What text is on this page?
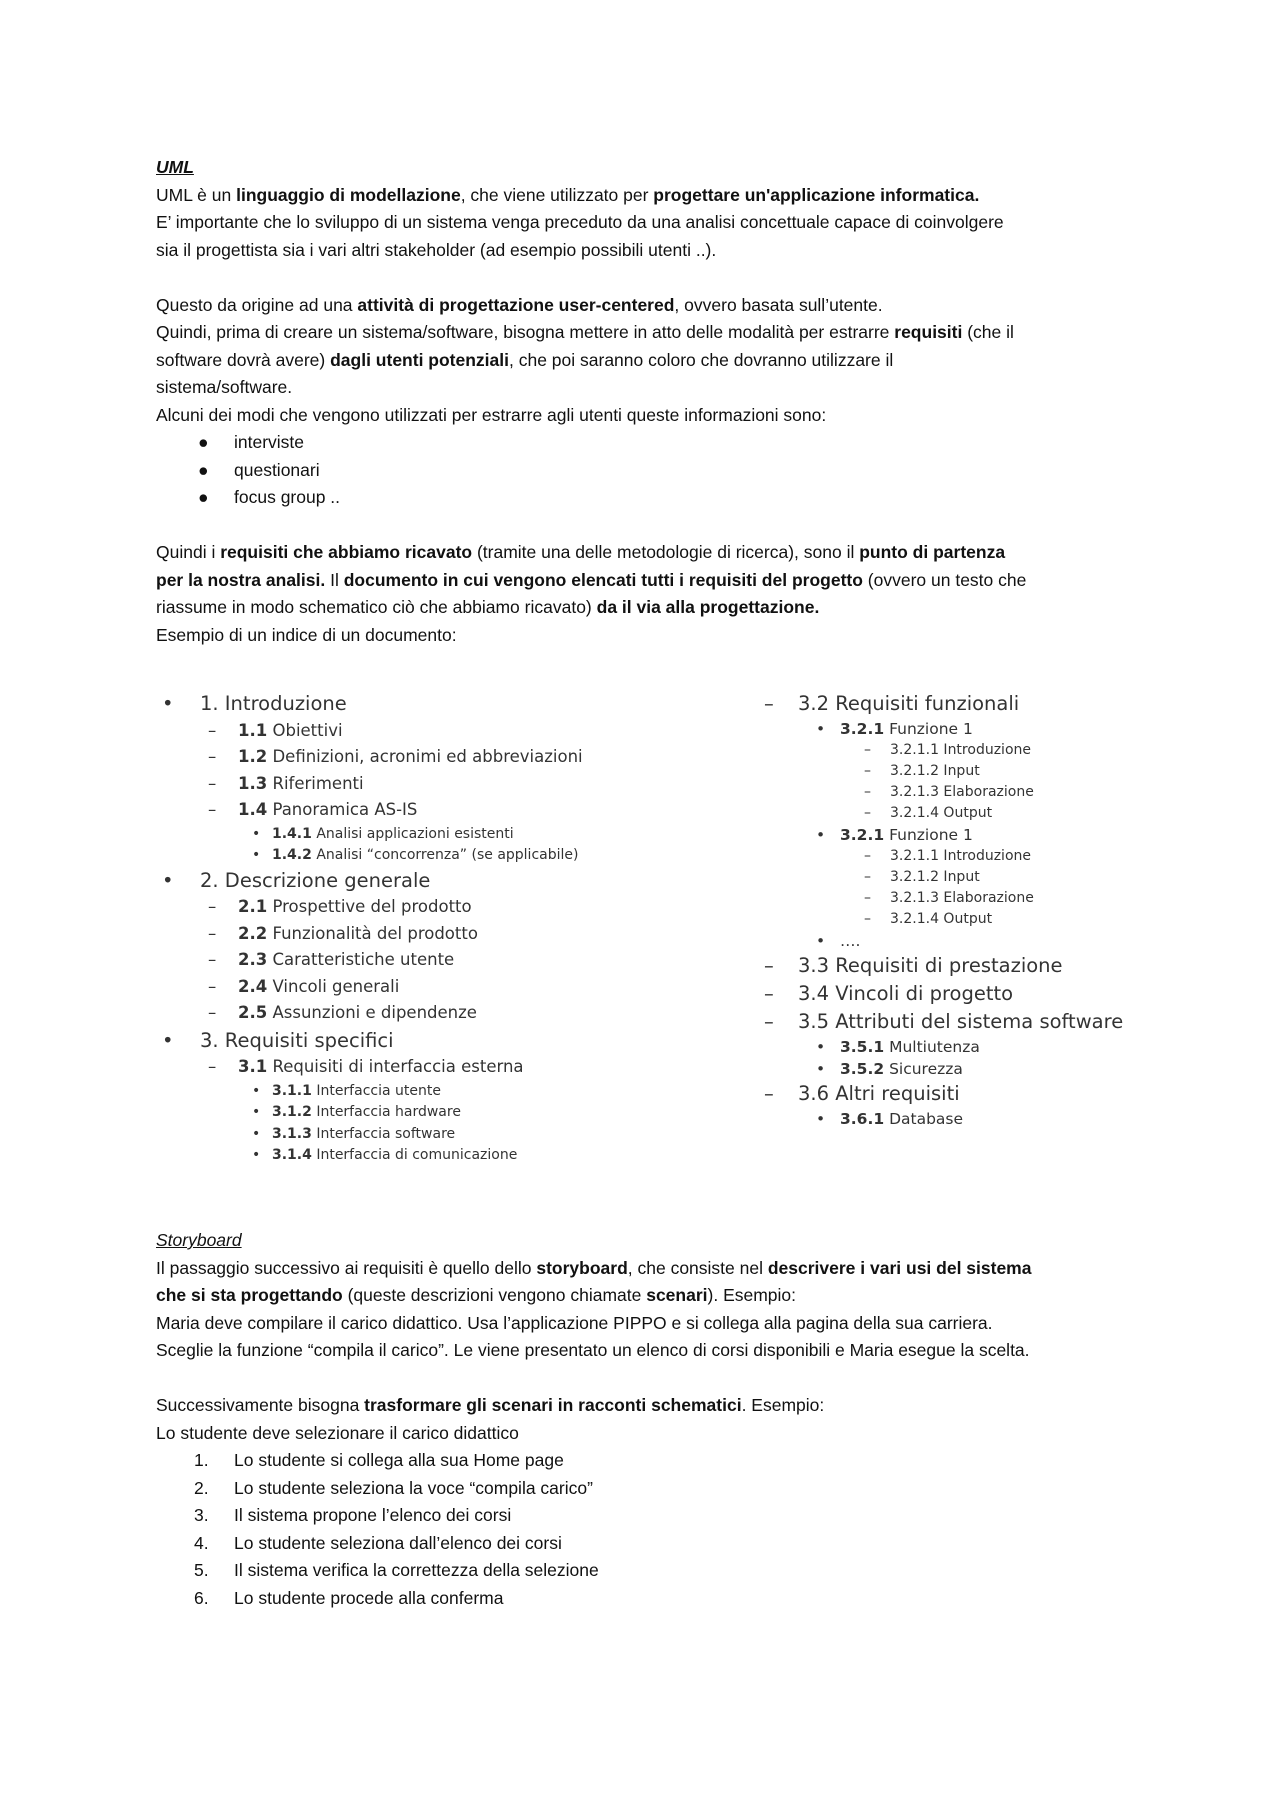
UML

UML è un linguaggio di modellazione, che viene utilizzato per progettare un'applicazione informatica.

E’ importante che lo sviluppo di un sistema venga preceduto da una analisi concettuale capace di coinvolgere

sia il progettista sia i vari altri stakeholder (ad esempio possibili utenti ..).

Questo da origine ad una attività di progettazione user-centered, ovvero basata sull’utente.

Quindi, prima di creare un sistema/software, bisogna mettere in atto delle modalità per estrarre requisiti (che il

software dovrà avere) dagli utenti potenziali, che poi saranno coloro che dovranno utilizzare il

sistema/software.

Alcuni dei modi che vengono utilizzati per estrarre agli utenti queste informazioni sono:

● interviste
● questionari
● focus group ..

Quindi i requisiti che abbiamo ricavato (tramite una delle metodologie di ricerca), sono il punto di partenza

per la nostra analisi. Il documento in cui vengono elencati tutti i requisiti del progetto (ovvero un testo che

riassume in modo schematico ciò che abbiamo ricavato) da il via alla progettazione.

Esempio di un indice di un documento:

• 1. Introduzione
– 1.1 Obiettivi
– 1.2 Definizioni, acronimi ed abbreviazioni
– 1.3 Riferimenti
– 1.4 Panoramica AS-IS
• 1.4.1 Analisi applicazioni esistenti
• 1.4.2 Analisi “concorrenza” (se applicabile)
• 2. Descrizione generale
– 2.1 Prospettive del prodotto
– 2.2 Funzionalità del prodotto
– 2.3 Caratteristiche utente
– 2.4 Vincoli generali
– 2.5 Assunzioni e dipendenze
• 3. Requisiti specifici
– 3.1 Requisiti di interfaccia esterna
• 3.1.1 Interfaccia utente
• 3.1.2 Interfaccia hardware
• 3.1.3 Interfaccia software
• 3.1.4 Interfaccia di comunicazione
– 3.2 Requisiti funzionali
• 3.2.1 Funzione 1
– 3.2.1.1 Introduzione
– 3.2.1.2 Input
– 3.2.1.3 Elaborazione
– 3.2.1.4 Output
• 3.2.1 Funzione 1
– 3.2.1.1 Introduzione
– 3.2.1.2 Input
– 3.2.1.3 Elaborazione
– 3.2.1.4 Output
• ….
– 3.3 Requisiti di prestazione
– 3.4 Vincoli di progetto
– 3.5 Attributi del sistema software
• 3.5.1 Multiutenza
• 3.5.2 Sicurezza
– 3.6 Altri requisiti
• 3.6.1 Database

Storyboard

Il passaggio successivo ai requisiti è quello dello storyboard, che consiste nel descrivere i vari usi del sistema

che si sta progettando (queste descrizioni vengono chiamate scenari). Esempio:

Maria deve compilare il carico didattico. Usa l’applicazione PIPPO e si collega alla pagina della sua carriera.

Sceglie la funzione “compila il carico”. Le viene presentato un elenco di corsi disponibili e Maria esegue la scelta.

Successivamente bisogna trasformare gli scenari in racconti schematici. Esempio:

Lo studente deve selezionare il carico didattico

1. Lo studente si collega alla sua Home page
2. Lo studente seleziona la voce “compila carico”
3. Il sistema propone l’elenco dei corsi
4. Lo studente seleziona dall’elenco dei corsi
5. Il sistema verifica la correttezza della selezione
6. Lo studente procede alla conferma
